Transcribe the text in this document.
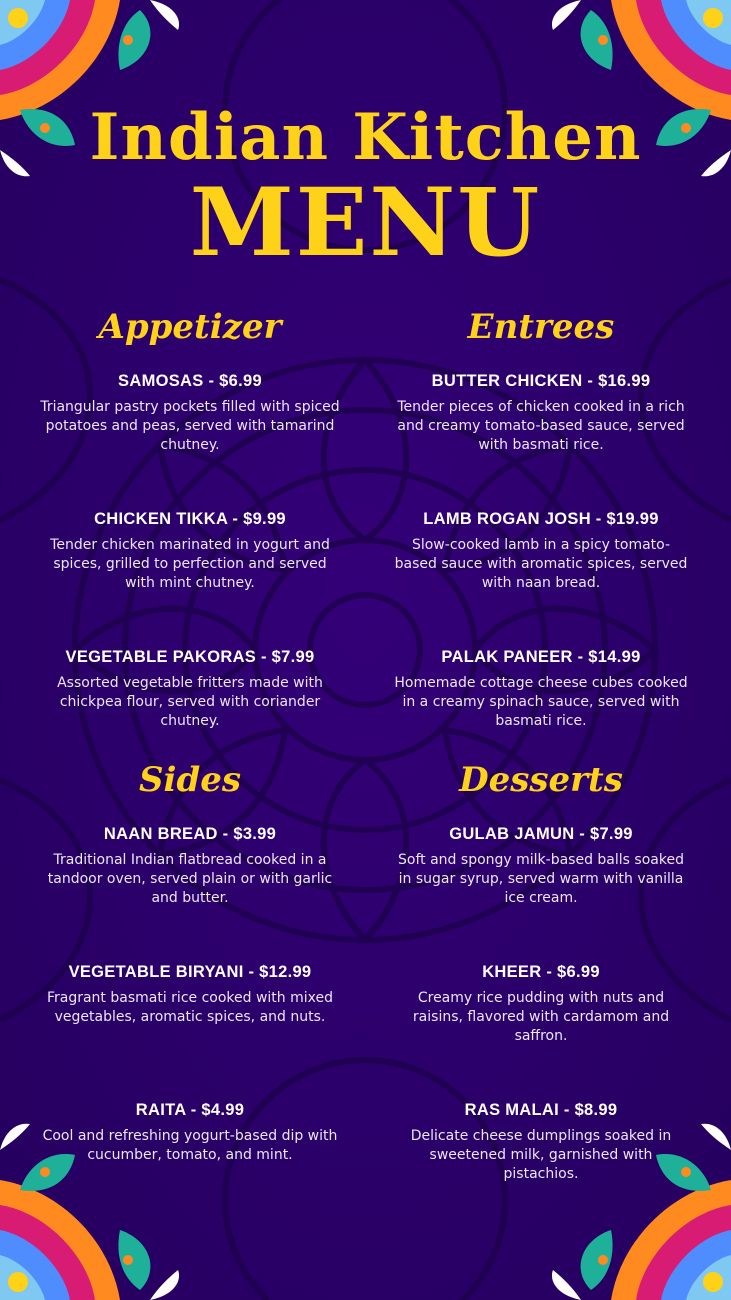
Indian Kitchen
MENU
Appetizer
SAMOSAS - $6.99
Triangular pastry pockets filled with spiced potatoes and peas, served with tamarind chutney.
CHICKEN TIKKA - $9.99
Tender chicken marinated in yogurt and spices, grilled to perfection and served with mint chutney.
VEGETABLE PAKORAS - $7.99
Assorted vegetable fritters made with chickpea flour, served with coriander chutney.
Entrees
BUTTER CHICKEN - $16.99
Tender pieces of chicken cooked in a rich and creamy tomato-based sauce, served with basmati rice.
LAMB ROGAN JOSH - $19.99
Slow-cooked lamb in a spicy tomato-based sauce with aromatic spices, served with naan bread.
PALAK PANEER - $14.99
Homemade cottage cheese cubes cooked in a creamy spinach sauce, served with basmati rice.
Sides
NAAN BREAD - $3.99
Traditional Indian flatbread cooked in a tandoor oven, served plain or with garlic and butter.
VEGETABLE BIRYANI - $12.99
Fragrant basmati rice cooked with mixed vegetables, aromatic spices, and nuts.
RAITA - $4.99
Cool and refreshing yogurt-based dip with cucumber, tomato, and mint.
Desserts
GULAB JAMUN - $7.99
Soft and spongy milk-based balls soaked in sugar syrup, served warm with vanilla ice cream.
KHEER - $6.99
Creamy rice pudding with nuts and raisins, flavored with cardamom and saffron.
RAS MALAI - $8.99
Delicate cheese dumplings soaked in sweetened milk, garnished with pistachios.
